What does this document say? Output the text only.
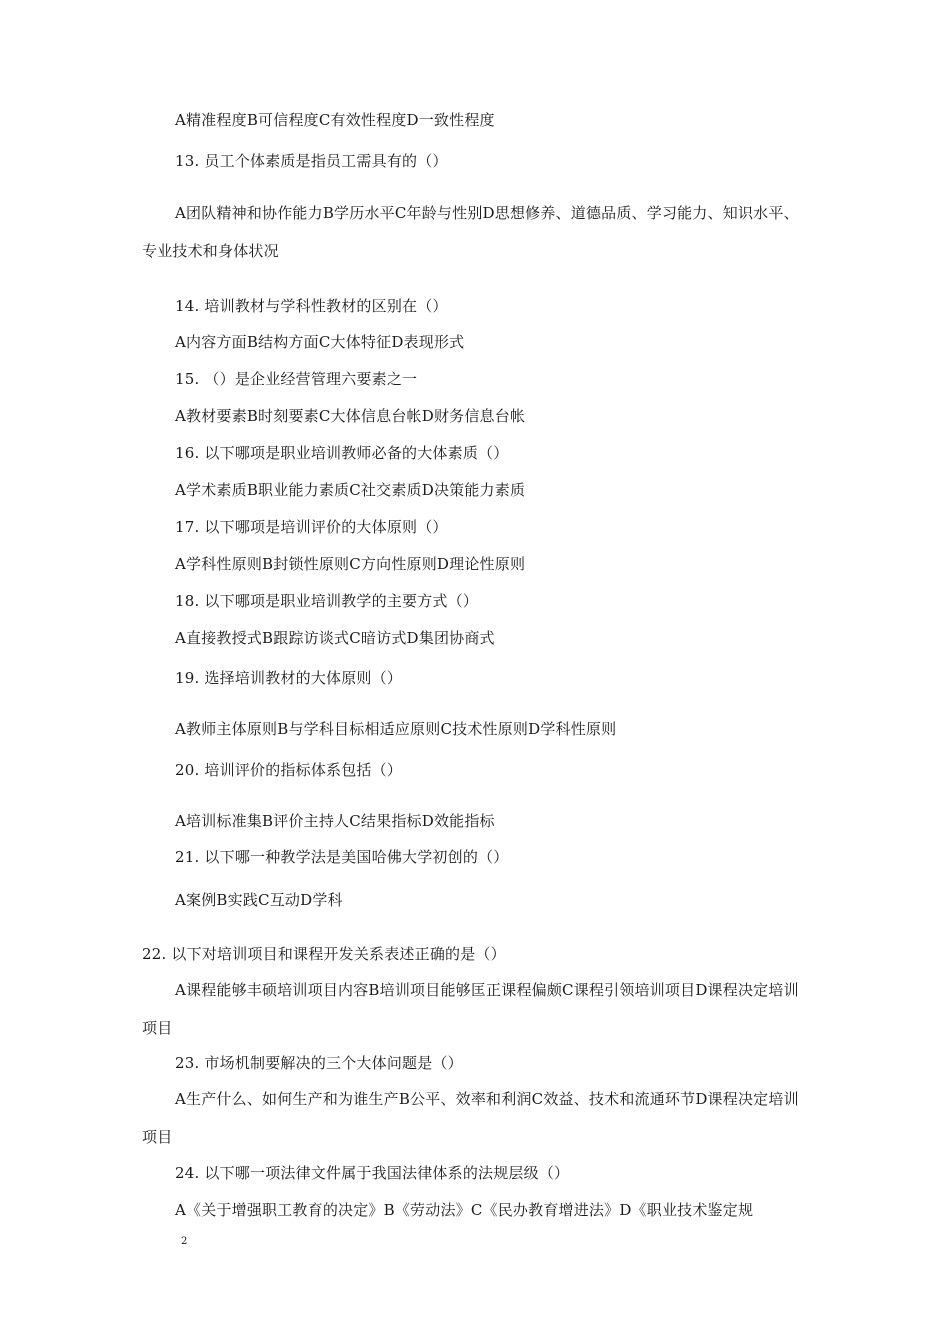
A精准程度B可信程度C有效性程度D一致性程度
13. 员工个体素质是指员工需具有的（）
A团队精神和协作能力B学历水平C年龄与性别D思想修养、道德品质、学习能力、知识水平、专业技术和身体状况
14. 培训教材与学科性教材的区别在（）
A内容方面B结构方面C大体特征D表现形式
15. （）是企业经营管理六要素之一
A教材要素B时刻要素C大体信息台帐D财务信息台帐
16. 以下哪项是职业培训教师必备的大体素质（）
A学术素质B职业能力素质C社交素质D决策能力素质
17. 以下哪项是培训评价的大体原则（）
A学科性原则B封锁性原则C方向性原则D理论性原则
18. 以下哪项是职业培训教学的主要方式（）
A直接教授式B跟踪访谈式C暗访式D集团协商式
19. 选择培训教材的大体原则（）
A教师主体原则B与学科目标相适应原则C技术性原则D学科性原则
20. 培训评价的指标体系包括（）
A培训标准集B评价主持人C结果指标D效能指标
21. 以下哪一种教学法是美国哈佛大学初创的（）
A案例B实践C互动D学科
22. 以下对培训项目和课程开发关系表述正确的是（）
A课程能够丰硕培训项目内容B培训项目能够匡正课程偏颇C课程引领培训项目D课程决定培训项目
23. 市场机制要解决的三个大体问题是（）
A生产什么、如何生产和为谁生产B公平、效率和利润C效益、技术和流通环节D课程决定培训项目
24. 以下哪一项法律文件属于我国法律体系的法规层级（）
A《关于增强职工教育的决定》B《劳动法》C《民办教育增进法》D《职业技术鉴定规
2
